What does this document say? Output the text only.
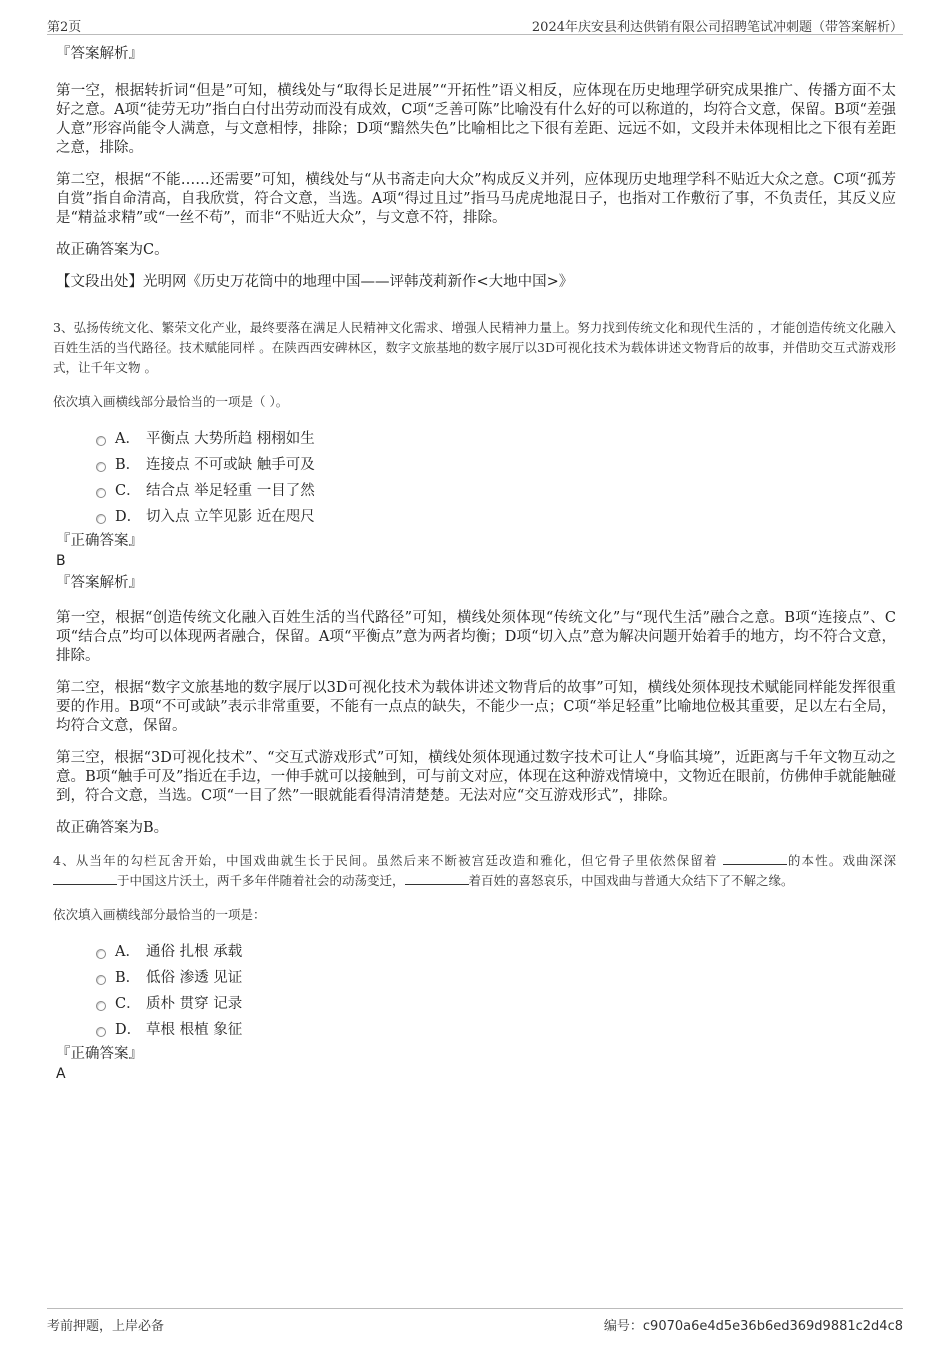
第2页	2024年庆安县利达供销有限公司招聘笔试冲刺题（带答案解析）
『答案解析』

第一空，根据转折词“但是”可知，横线处与“取得长足进展”“开拓性”语义相反，应体现在历史地理学研究成果推广、传播方面不太好之意。A项“徒劳无功”指白白付出劳动而没有成效，C项“乏善可陈”比喻没有什么好的可以称道的，均符合文意，保留。B项“差强人意”形容尚能令人满意，与文意相悖，排除；D项“黯然失色”比喻相比之下很有差距、远远不如，文段并未体现相比之下很有差距之意，排除。

第二空，根据“不能……还需要”可知，横线处与“从书斋走向大众”构成反义并列，应体现历史地理学科不贴近大众之意。C项“孤芳自赏”指自命清高，自我欣赏，符合文意，当选。A项“得过且过”指马马虎虎地混日子，也指对工作敷衍了事，不负责任，其反义应是“精益求精”或“一丝不苟”，而非“不贴近大众”，与文意不符，排除。

故正确答案为C。

【文段出处】光明网《历史万花筒中的地理中国——评韩茂莉新作<大地中国>》

3、弘扬传统文化、繁荣文化产业，最终要落在满足人民精神文化需求、增强人民精神力量上。努力找到传统文化和现代生活的 ，才能创造传统文化融入百姓生活的当代路径。技术赋能同样 。在陕西西安碑林区，数字文旅基地的数字展厅以3D可视化技术为载体讲述文物背后的故事，并借助交互式游戏形式，让千年文物 。

依次填入画横线部分最恰当的一项是（ ）。

A． 平衡点 大势所趋 栩栩如生
B． 连接点 不可或缺 触手可及
C． 结合点 举足轻重 一目了然
D． 切入点 立竿见影 近在咫尺
『正确答案』
B
『答案解析』

第一空，根据“创造传统文化融入百姓生活的当代路径”可知，横线处须体现“传统文化”与“现代生活”融合之意。B项“连接点”、C项“结合点”均可以体现两者融合，保留。A项“平衡点”意为两者均衡；D项“切入点”意为解决问题开始着手的地方，均不符合文意，排除。

第二空，根据“数字文旅基地的数字展厅以3D可视化技术为载体讲述文物背后的故事”可知，横线处须体现技术赋能同样能发挥很重要的作用。B项“不可或缺”表示非常重要，不能有一点点的缺失，不能少一点；C项“举足轻重”比喻地位极其重要，足以左右全局，均符合文意，保留。

第三空，根据“3D可视化技术”、“交互式游戏形式”可知，横线处须体现通过数字技术可让人“身临其境”，近距离与千年文物互动之意。B项“触手可及”指近在手边，一伸手就可以接触到，可与前文对应，体现在这种游戏情境中，文物近在眼前，仿佛伸手就能触碰到，符合文意，当选。C项“一目了然”一眼就能看得清清楚楚。无法对应“交互游戏形式”，排除。

故正确答案为B。

4、从当年的勾栏瓦舍开始，中国戏曲就生长于民间。虽然后来不断被宫廷改造和雅化，但它骨子里依然保留着	的本性。戏曲深深 于中国这片沃土，两千多年伴随着社会的动荡变迁，	着百姓的喜怒哀乐，中国戏曲与普通大众结下了不解之缘。

依次填入画横线部分最恰当的一项是：

A． 通俗 扎根 承载
B． 低俗 渗透 见证
C． 质朴 贯穿 记录
D． 草根 根植 象征
『正确答案』
A
考前押题，上岸必备	编号：c9070a6e4d5e36b6ed369d9881c2d4c8
